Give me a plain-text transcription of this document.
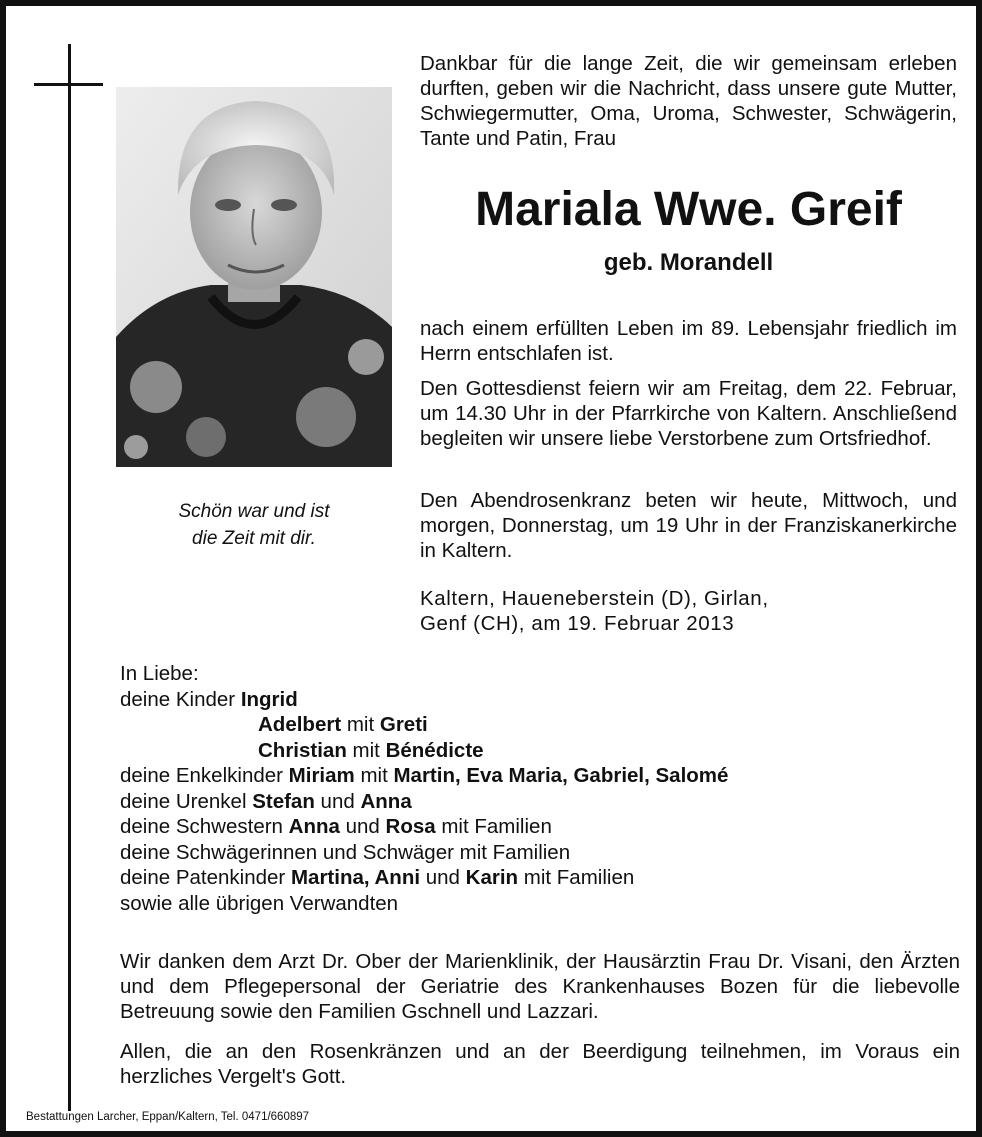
Schön war und ist
die Zeit mit dir.
Dankbar für die lange Zeit, die wir gemeinsam erleben durften, geben wir die Nachricht, dass unsere gute Mutter, Schwiegermutter, Oma, Uroma, Schwester, Schwägerin, Tante und Patin, Frau
Mariala Wwe. Greif
geb. Morandell
nach einem erfüllten Leben im 89. Lebensjahr friedlich im Herrn entschlafen ist.
Den Gottesdienst feiern wir am Freitag, dem 22. Februar, um 14.30 Uhr in der Pfarrkirche von Kaltern. Anschließend begleiten wir unsere liebe Verstorbene zum Ortsfriedhof.
Den Abendrosenkranz beten wir heute, Mittwoch, und morgen, Donnerstag, um 19 Uhr in der Franziskanerkirche in Kaltern.
Kaltern, Haueneberstein (D), Girlan,
Genf (CH), am 19. Februar 2013
In Liebe:
deine Kinder Ingrid
Adelbert mit Greti
Christian mit Bénédicte
deine Enkelkinder Miriam mit Martin, Eva Maria, Gabriel, Salomé
deine Urenkel Stefan und Anna
deine Schwestern Anna und Rosa mit Familien
deine Schwägerinnen und Schwäger mit Familien
deine Patenkinder Martina, Anni und Karin mit Familien
sowie alle übrigen Verwandten
Wir danken dem Arzt Dr. Ober der Marienklinik, der Hausärztin Frau Dr. Visani, den Ärzten und dem Pflegepersonal der Geriatrie des Krankenhauses Bozen für die liebevolle Betreuung sowie den Familien Gschnell und Lazzari.
Allen, die an den Rosenkränzen und an der Beerdigung teilnehmen, im Voraus ein herzliches Vergelt's Gott.
Bestattungen Larcher, Eppan/Kaltern, Tel. 0471/660897
